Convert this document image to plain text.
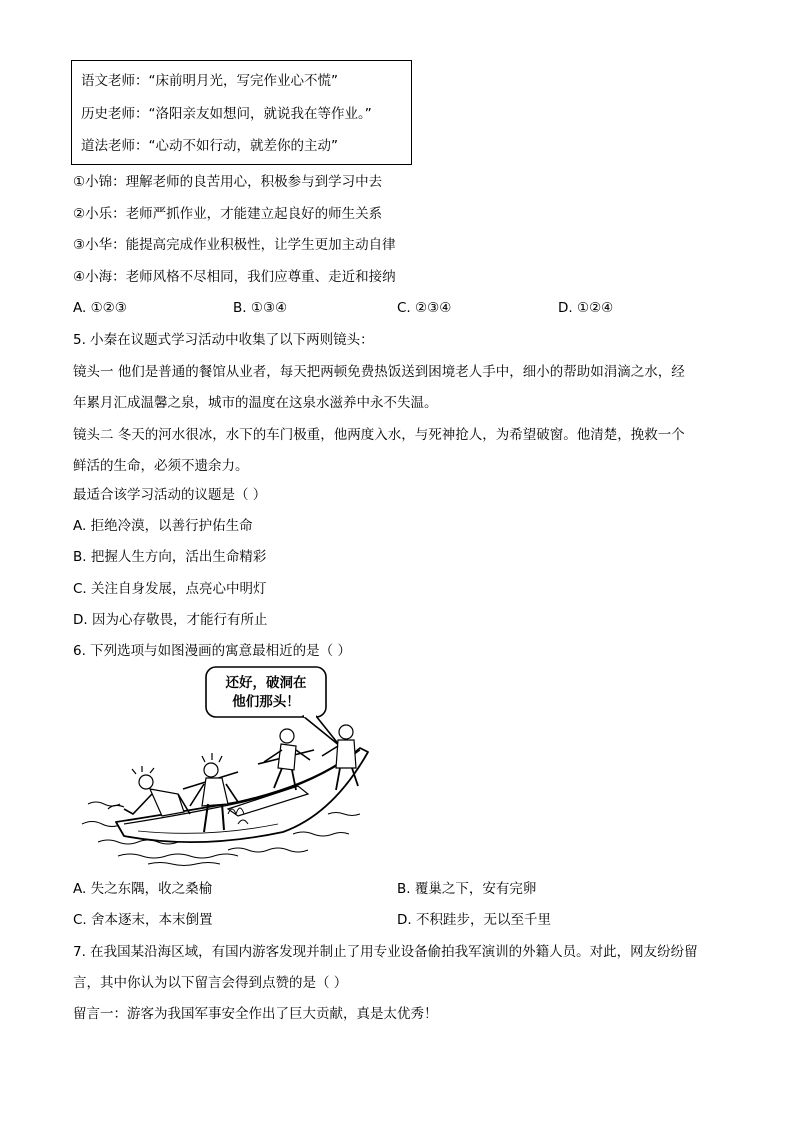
语文老师：“床前明月光，写完作业心不慌”
历史老师：“洛阳亲友如想问，就说我在等作业。”
道法老师：“心动不如行动，就差你的主动”
①小锦：理解老师的良苦用心，积极参与到学习中去
②小乐：老师严抓作业，才能建立起良好的师生关系
③小华：能提高完成作业积极性，让学生更加主动自律
④小海：老师风格不尽相同，我们应尊重、走近和接纳
A. ①②③	B. ①③④	C. ②③④	D. ①②④
5. 小秦在议题式学习活动中收集了以下两则镜头：
镜头一 他们是普通的餐馆从业者，每天把两顿免费热饭送到困境老人手中，细小的帮助如涓滴之水，经
年累月汇成温馨之泉，城市的温度在这泉水滋养中永不失温。
镜头二 冬天的河水很冰，水下的车门极重，他两度入水，与死神抢人，为希望破窗。他清楚，挽救一个
鲜活的生命，必须不遗余力。
最适合该学习活动的议题是（ ）
A. 拒绝冷漠，以善行护佑生命
B. 把握人生方向，活出生命精彩
C. 关注自身发展，点亮心中明灯
D. 因为心存敬畏，才能行有所止
6. 下列选项与如图漫画的寓意最相近的是（ ）
还好，破洞在
他们那头！
A. 失之东隅，收之桑榆	B. 覆巢之下，安有完卵
C. 舍本逐末，本末倒置	D. 不积跬步，无以至千里
7. 在我国某沿海区域，有国内游客发现并制止了用专业设备偷拍我军演训的外籍人员。对此，网友纷纷留
言，其中你认为以下留言会得到点赞的是（ ）
留言一：游客为我国军事安全作出了巨大贡献，真是太优秀！
